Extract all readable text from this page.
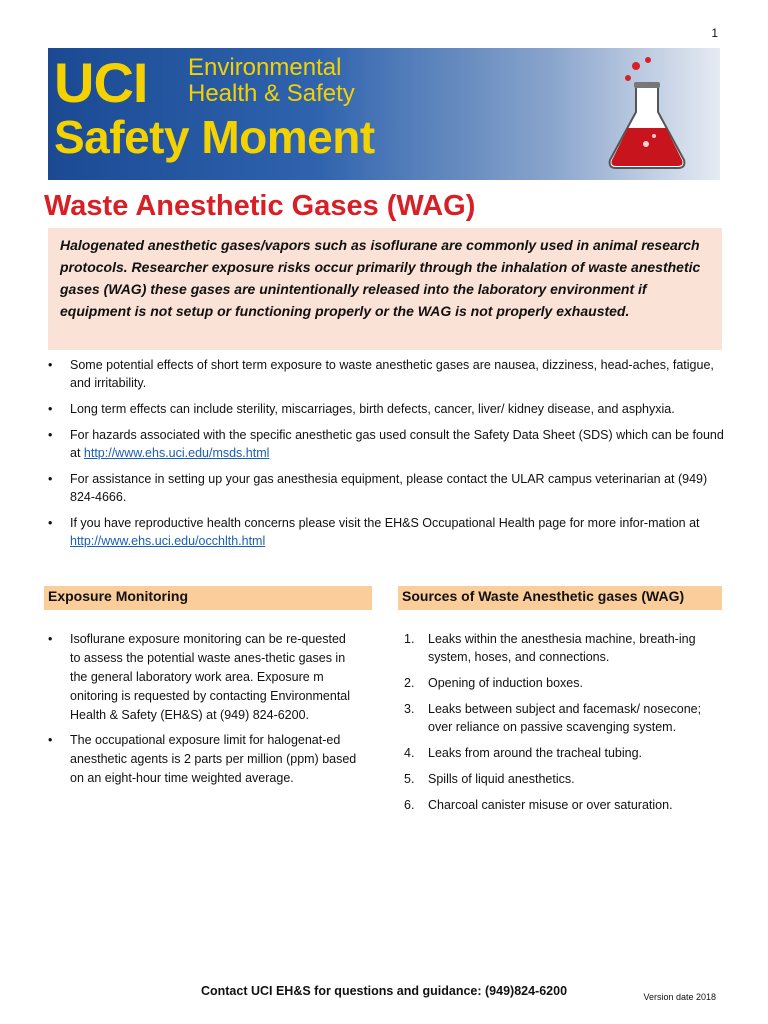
1
UCI Environmental
Health & Safety
Safety Moment
Waste Anesthetic Gases (WAG)
Halogenated anesthetic gases/vapors such as isoflurane are commonly used in animal research protocols. Researcher exposure risks occur primarily through the inhalation of waste anesthetic gases (WAG) these gases are unintentionally released into the laboratory environment if equipment is not setup or functioning properly or the WAG is not properly exhausted.
• Some potential effects of short term exposure to waste anesthetic gases are nausea, dizziness, head-aches, fatigue, and irritability.
• Long term effects can include sterility, miscarriages, birth defects, cancer, liver/ kidney disease, and asphyxia.
• For hazards associated with the specific anesthetic gas used consult the Safety Data Sheet (SDS) which can be found at http://www.ehs.uci.edu/msds.html
• For assistance in setting up your gas anesthesia equipment, please contact the ULAR campus veterinarian at (949) 824-4666.
• If you have reproductive health concerns please visit the EH&S Occupational Health page for more infor-mation at http://www.ehs.uci.edu/occhlth.html
Exposure Monitoring	Sources of Waste Anesthetic gases (WAG)
• Isoflurane exposure monitoring can be re-quested to assess the potential waste anes-thetic gases in the general laboratory work area. Exposure m onitoring is requested by contacting Environmental Health & Safety (EH&S) at (949) 824-6200.
• The occupational exposure limit for halogenat-ed anesthetic agents is 2 parts per million (ppm) based on an eight-hour time weighted average.
1. Leaks within the anesthesia machine, breath-ing system, hoses, and connections.
2. Opening of induction boxes.
3. Leaks between subject and facemask/ nosecone; over reliance on passive scavenging system.
4. Leaks from around the tracheal tubing.
5. Spills of liquid anesthetics.
6. Charcoal canister misuse or over saturation.
Contact UCI EH&S for questions and guidance: (949)824-6200	Version date 2018
